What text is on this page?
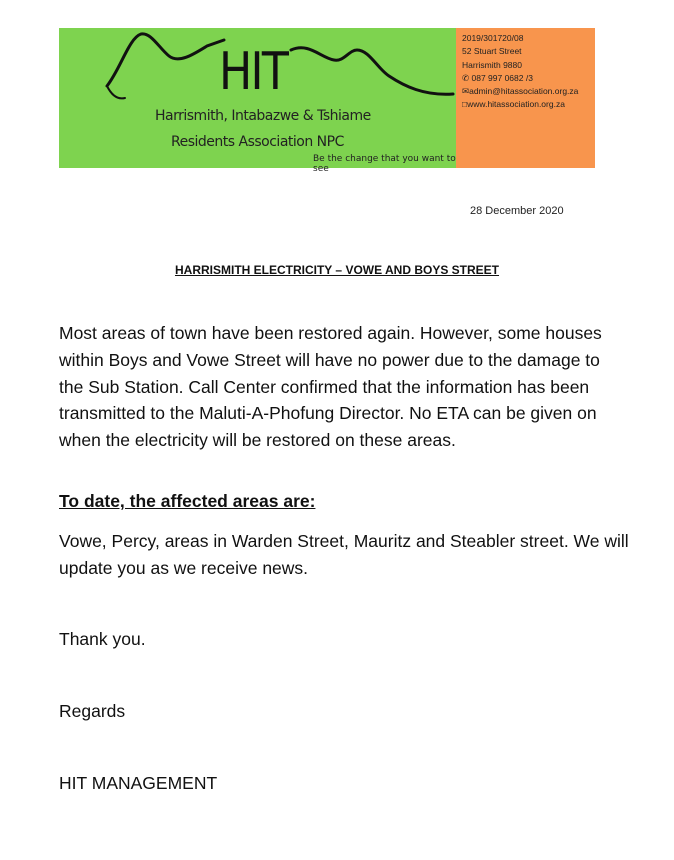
HIT
Harrismith, Intabazwe & Tshiame
Residents Association NPC
Be the change that you want to see
2019/301720/08
52 Stuart Street
Harrismith 9880
✆ 087 997 0682 /3
✉admin@hitassociation.org.za
□www.hitassociation.org.za
28 December 2020
HARRISMITH ELECTRICITY – VOWE AND BOYS STREET

Most areas of town have been restored again. However, some houses within Boys and Vowe Street will have no power due to the damage to the Sub Station. Call Center confirmed that the information has been transmitted to the Maluti-A-Phofung Director. No ETA can be given on when the electricity will be restored on these areas.

To date, the affected areas are:

Vowe, Percy, areas in Warden Street, Mauritz and Steabler street. We will update you as we receive news.

Thank you.
Regards
HIT MANAGEMENT
